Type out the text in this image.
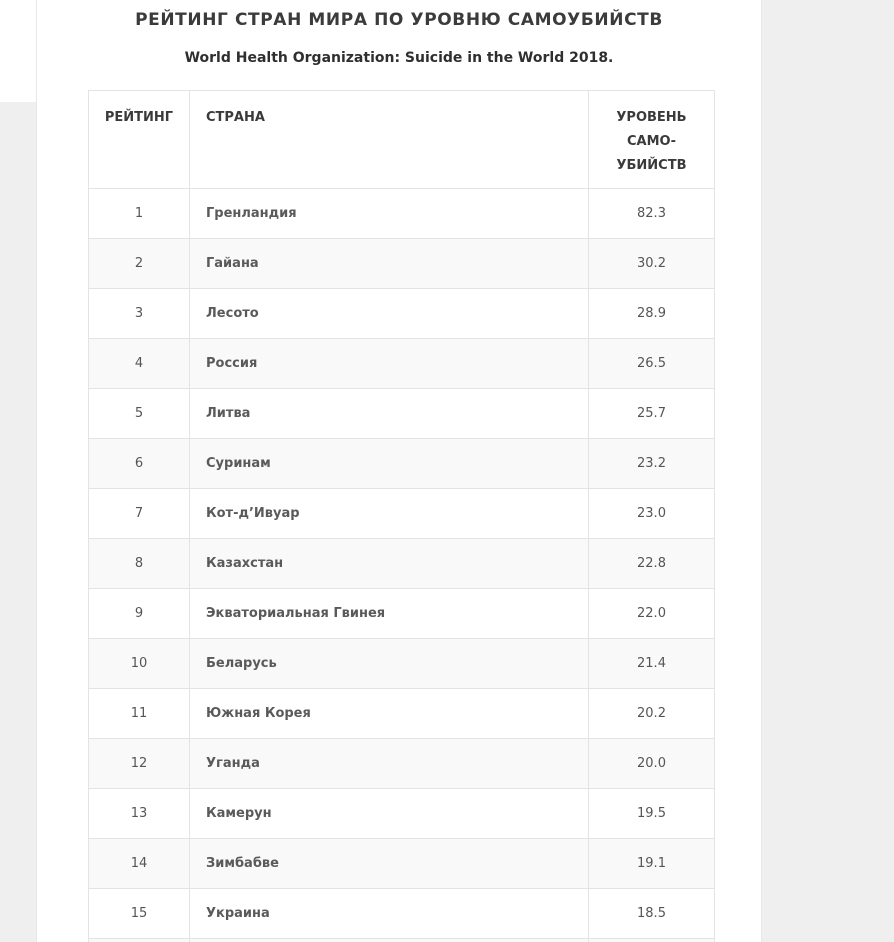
РЕЙТИНГ СТРАН МИРА ПО УРОВНЮ САМОУБИЙСТВ
World Health Organization: Suicide in the World 2018.
РЕЙТИНГ	СТРАНА	УРОВЕНЬ САМО-УБИЙСТВ
1	Гренландия	82.3
2	Гайана	30.2
3	Лесото	28.9
4	Россия	26.5
5	Литва	25.7
6	Суринам	23.2
7	Кот-д’Ивуар	23.0
8	Казахстан	22.8
9	Экваториальная Гвинея	22.0
10	Беларусь	21.4
11	Южная Корея	20.2
12	Уганда	20.0
13	Камерун	19.5
14	Зимбабве	19.1
15	Украина	18.5
